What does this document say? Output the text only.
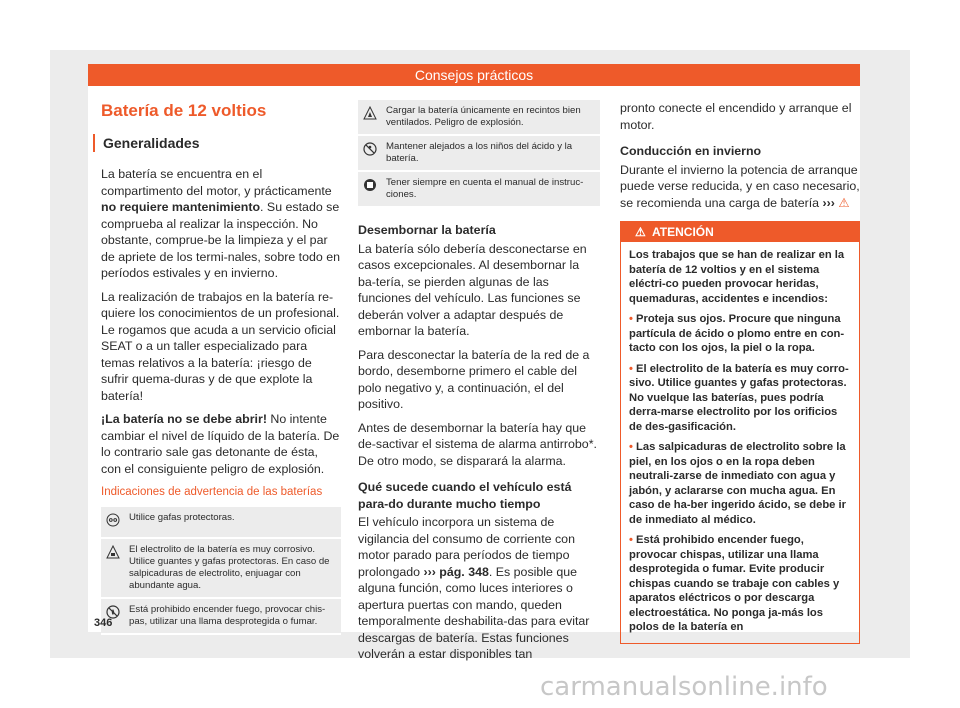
Consejos prácticos
Batería de 12 voltios
Generalidades

La batería se encuentra en el compartimento del motor, y prácticamente no requiere mantenimiento. Su estado se comprueba al realizar la inspección. No obstante, comprue-be la limpieza y el par de apriete de los termi-nales, sobre todo en períodos estivales y en invierno.

La realización de trabajos en la batería re-quiere los conocimientos de un profesional. Le rogamos que acuda a un servicio oficial SEAT o a un taller especializado para temas relativos a la batería: ¡riesgo de sufrir quema-duras y de que explote la batería!

¡La batería no se debe abrir! No intente cambiar el nivel de líquido de la batería. De lo contrario sale gas detonante de ésta, con el consiguiente peligro de explosión.

Indicaciones de advertencia de las baterías
	Utilice gafas protectoras.
	El electrolito de la batería es muy corrosivo. Utilice guantes y gafas protectoras. En caso de salpicaduras de electrolito, enjuagar con abundante agua.
	Está prohibido encender fuego, provocar chis-pas, utilizar una llama desprotegida o fumar.
	Cargar la batería únicamente en recintos bien ventilados. Peligro de explosión.
	Mantener alejados a los niños del ácido y la batería.
	Tener siempre en cuenta el manual de instruc-ciones.
Desembornar la batería

La batería sólo debería desconectarse en casos excepcionales. Al desembornar la ba-tería, se pierden algunas de las funciones del vehículo. Las funciones se deberán volver a adaptar después de embornar la batería.

Para desconectar la batería de la red de a bordo, desemborne primero el cable del polo negativo y, a continuación, el del positivo.

Antes de desembornar la batería hay que de-sactivar el sistema de alarma antirrobo*. De otro modo, se disparará la alarma.

Qué sucede cuando el vehículo está para-do durante mucho tiempo

El vehículo incorpora un sistema de vigilancia del consumo de corriente con motor parado para períodos de tiempo prolongado ››› pág. 348. Es posible que alguna función, como luces interiores o apertura puertas con mando, queden temporalmente deshabilita-das para evitar descargas de batería. Estas funciones volverán a estar disponibles tan

pronto conecte el encendido y arranque el motor.

Conducción en invierno

Durante el invierno la potencia de arranque puede verse reducida, y en caso necesario, se recomienda una carga de batería ››› ⚠

⚠ ATENCIÓN

Los trabajos que se han de realizar en la batería de 12 voltios y en el sistema eléctri-co pueden provocar heridas, quemaduras, accidentes e incendios:

• Proteja sus ojos. Procure que ninguna partícula de ácido o plomo entre en con-tacto con los ojos, la piel o la ropa.

• El electrolito de la batería es muy corro-sivo. Utilice guantes y gafas protectoras. No vuelque las baterías, pues podría derra-marse electrolito por los orificios de des-gasificación.

• Las salpicaduras de electrolito sobre la piel, en los ojos o en la ropa deben neutrali-zarse de inmediato con agua y jabón, y aclararse con mucha agua. En caso de ha-ber ingerido ácido, se debe ir de inmediato al médico.

• Está prohibido encender fuego, provocar chispas, utilizar una llama desprotegida o fumar. Evite producir chispas cuando se trabaje con cables y aparatos eléctricos o por descarga electroestática. No ponga ja-más los polos de la batería en

346
carmanualsonline.info
